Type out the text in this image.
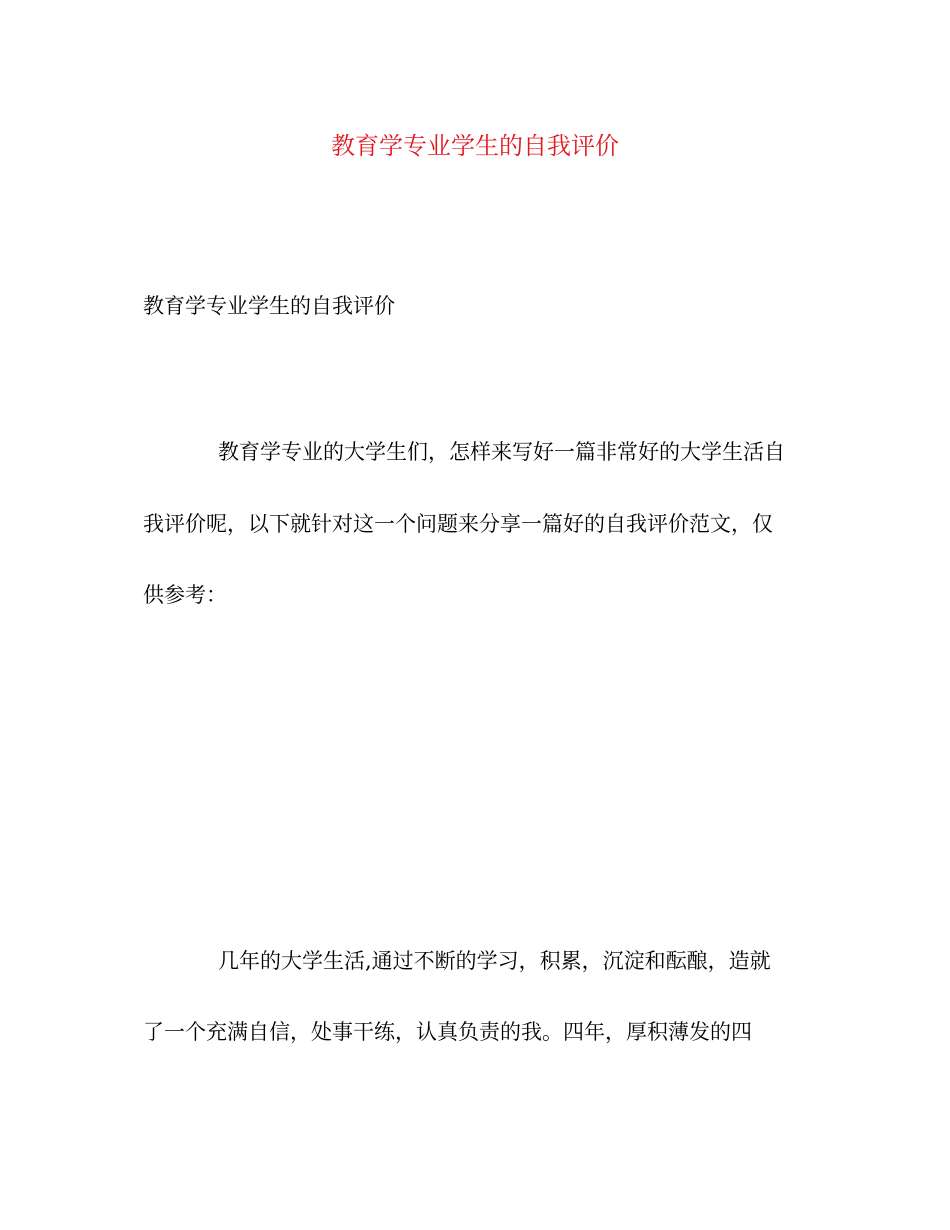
教育学专业学生的自我评价
教育学专业学生的自我评价
教育学专业的大学生们，怎样来写好一篇非常好的大学生活自
我评价呢，以下就针对这一个问题来分享一篇好的自我评价范文，仅
供参考：
几年的大学生活,通过不断的学习，积累，沉淀和酝酿，造就
了一个充满自信，处事干练，认真负责的我。四年，厚积薄发的四
